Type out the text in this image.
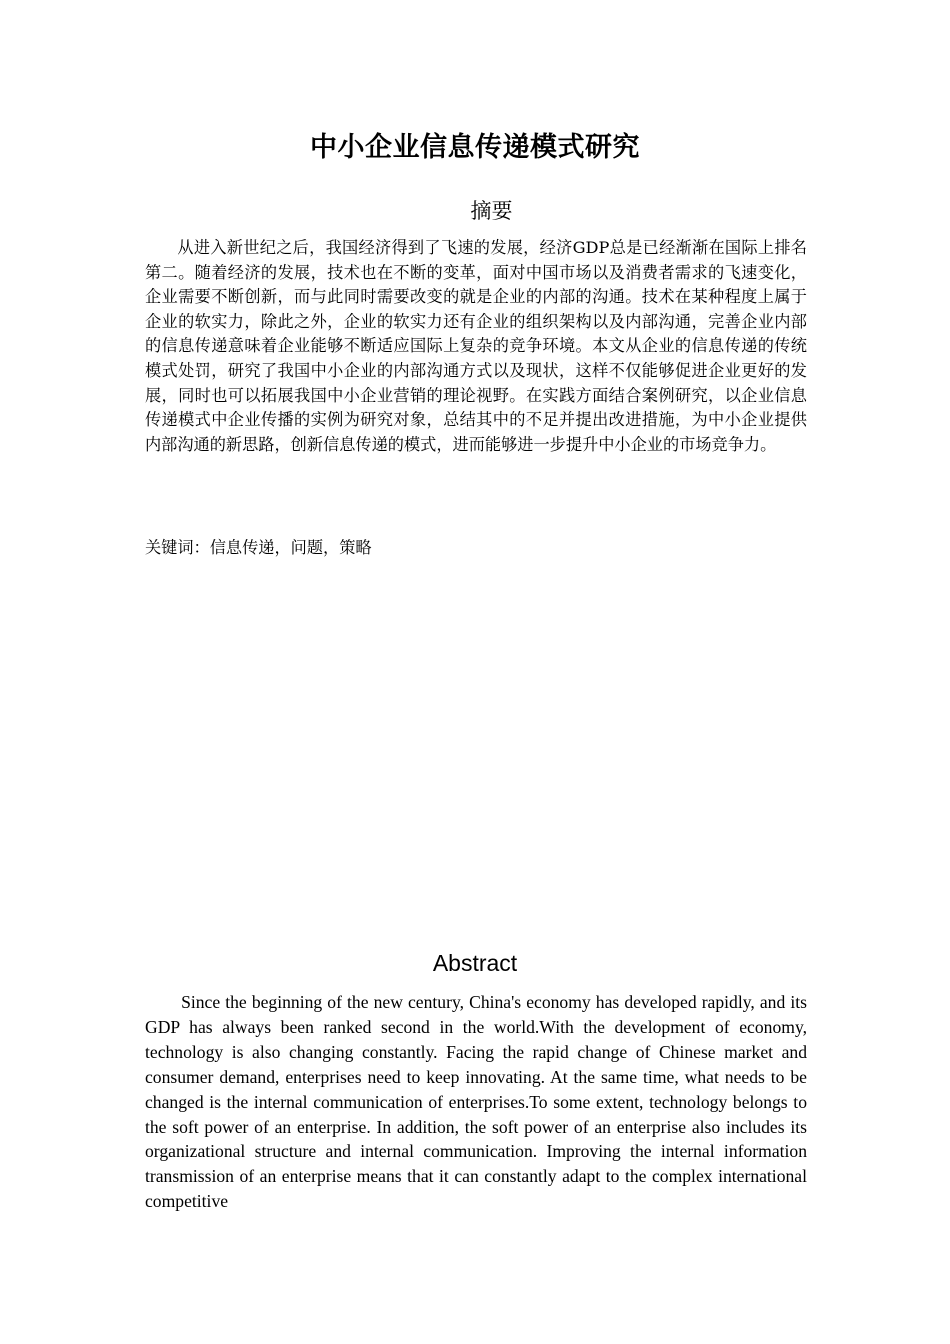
中小企业信息传递模式研究
摘要

从进入新世纪之后，我国经济得到了飞速的发展，经济GDP总是已经渐渐在国际上排名第二。随着经济的发展，技术也在不断的变革，面对中国市场以及消费者需求的飞速变化，企业需要不断创新，而与此同时需要改变的就是企业的内部的沟通。技术在某种程度上属于企业的软实力，除此之外，企业的软实力还有企业的组织架构以及内部沟通，完善企业内部的信息传递意味着企业能够不断适应国际上复杂的竞争环境。本文从企业的信息传递的传统模式处罚，研究了我国中小企业的内部沟通方式以及现状，这样不仅能够促进企业更好的发展，同时也可以拓展我国中小企业营销的理论视野。在实践方面结合案例研究，以企业信息传递模式中企业传播的实例为研究对象，总结其中的不足并提出改进措施，为中小企业提供内部沟通的新思路，创新信息传递的模式，进而能够进一步提升中小企业的市场竞争力。

关键词：信息传递，问题，策略
Abstract

Since the beginning of the new century, China's economy has developed rapidly, and its GDP has always been ranked second in the world.With the development of economy, technology is also changing constantly. Facing the rapid change of Chinese market and consumer demand, enterprises need to keep innovating. At the same time, what needs to be changed is the internal communication of enterprises.To some extent, technology belongs to the soft power of an enterprise. In addition, the soft power of an enterprise also includes its organizational structure and internal communication. Improving the internal information transmission of an enterprise means that it can constantly adapt to the complex international competitive
